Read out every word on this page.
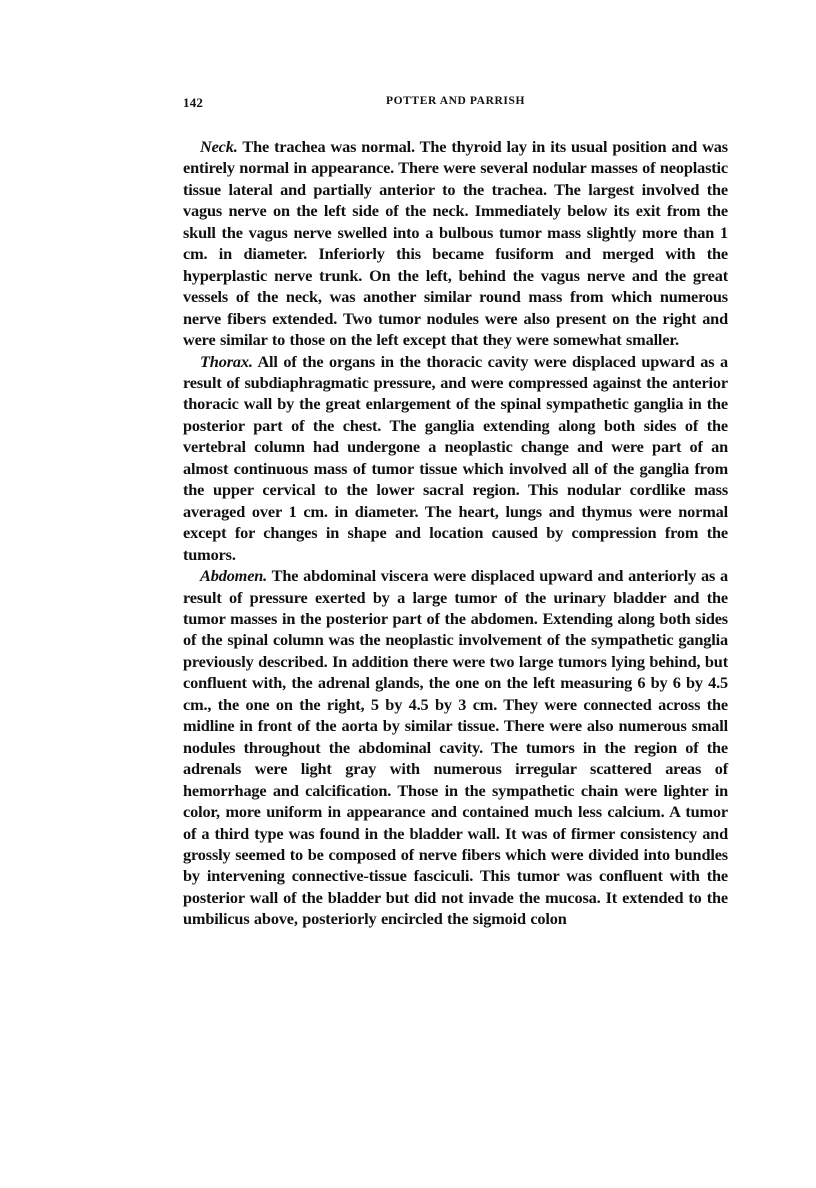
142	POTTER AND PARRISH

Neck. The trachea was normal. The thyroid lay in its usual position and was entirely normal in appearance. There were several nodular masses of neoplastic tissue lateral and partially anterior to the trachea. The largest involved the vagus nerve on the left side of the neck. Immediately below its exit from the skull the vagus nerve swelled into a bulbous tumor mass slightly more than 1 cm. in diameter. Inferiorly this became fusiform and merged with the hyperplastic nerve trunk. On the left, behind the vagus nerve and the great vessels of the neck, was another similar round mass from which numerous nerve fibers extended. Two tumor nodules were also present on the right and were similar to those on the left except that they were somewhat smaller.

Thorax. All of the organs in the thoracic cavity were displaced upward as a result of subdiaphragmatic pressure, and were compressed against the anterior thoracic wall by the great enlargement of the spinal sympathetic ganglia in the posterior part of the chest. The ganglia extending along both sides of the vertebral column had undergone a neoplastic change and were part of an almost continuous mass of tumor tissue which involved all of the ganglia from the upper cervical to the lower sacral region. This nodular cordlike mass averaged over 1 cm. in diameter. The heart, lungs and thymus were normal except for changes in shape and location caused by compression from the tumors.

Abdomen. The abdominal viscera were displaced upward and anteriorly as a result of pressure exerted by a large tumor of the urinary bladder and the tumor masses in the posterior part of the abdomen. Extending along both sides of the spinal column was the neoplastic involvement of the sympathetic ganglia previously described. In addition there were two large tumors lying behind, but confluent with, the adrenal glands, the one on the left measuring 6 by 6 by 4.5 cm., the one on the right, 5 by 4.5 by 3 cm. They were connected across the midline in front of the aorta by similar tissue. There were also numerous small nodules throughout the abdominal cavity. The tumors in the region of the adrenals were light gray with numerous irregular scattered areas of hemorrhage and calcification. Those in the sympathetic chain were lighter in color, more uniform in appearance and contained much less calcium. A tumor of a third type was found in the bladder wall. It was of firmer consistency and grossly seemed to be composed of nerve fibers which were divided into bundles by intervening connective-tissue fasciculi. This tumor was confluent with the posterior wall of the bladder but did not invade the mucosa. It extended to the umbilicus above, posteriorly encircled the sigmoid colon
